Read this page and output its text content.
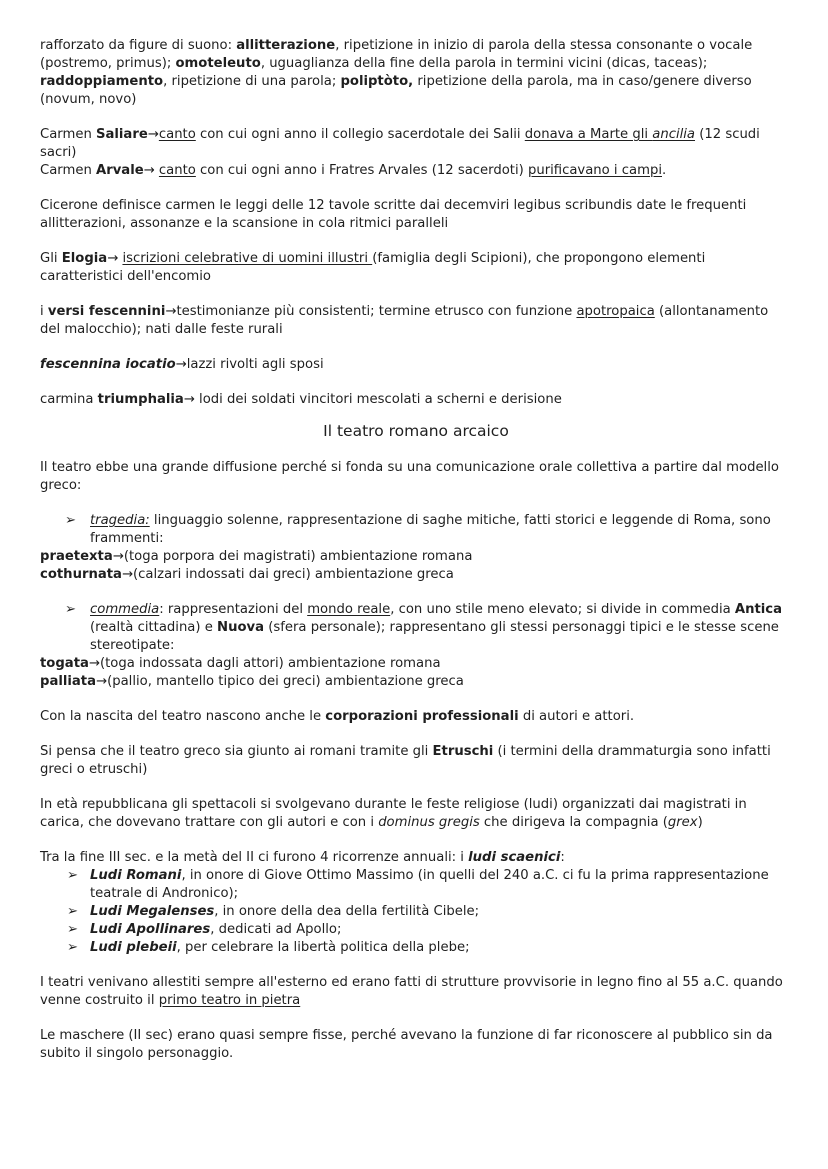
rafforzato da figure di suono: allitterazione, ripetizione in inizio di parola della stessa consonante o vocale (postremo, primus); omoteleuto, uguaglianza della fine della parola in termini vicini (dicas, taceas); raddoppiamento, ripetizione di una parola; poliptòto, ripetizione della parola, ma in caso/genere diverso (novum, novo)

Carmen Saliare→canto con cui ogni anno il collegio sacerdotale dei Salii donava a Marte gli ancilia (12 scudi sacri)

Carmen Arvale→ canto con cui ogni anno i Fratres Arvales (12 sacerdoti) purificavano i campi.

Cicerone definisce carmen le leggi delle 12 tavole scritte dai decemviri legibus scribundis date le frequenti allitterazioni, assonanze e la scansione in cola ritmici paralleli

Gli Elogia→ iscrizioni celebrative di uomini illustri (famiglia degli Scipioni), che propongono elementi caratteristici dell'encomio

i versi fescennini→testimonianze più consistenti; termine etrusco con funzione apotropaica (allontanamento del malocchio); nati dalle feste rurali

fescennina iocatio→lazzi rivolti agli sposi

carmina triumphalia→ lodi dei soldati vincitori mescolati a scherni e derisione

Il teatro romano arcaico

Il teatro ebbe una grande diffusione perché si fonda su una comunicazione orale collettiva a partire dal modello greco:

➢ tragedia: linguaggio solenne, rappresentazione di saghe mitiche, fatti storici e leggende di Roma, sono frammenti:

praetexta→(toga porpora dei magistrati) ambientazione romana

cothurnata→(calzari indossati dai greci) ambientazione greca

➢ commedia: rappresentazioni del mondo reale, con uno stile meno elevato; si divide in commedia Antica (realtà cittadina) e Nuova (sfera personale); rappresentano gli stessi personaggi tipici e le stesse scene stereotipate:

togata→(toga indossata dagli attori) ambientazione romana

palliata→(pallio, mantello tipico dei greci) ambientazione greca

Con la nascita del teatro nascono anche le corporazioni professionali di autori e attori.

Si pensa che il teatro greco sia giunto ai romani tramite gli Etruschi (i termini della drammaturgia sono infatti greci o etruschi)

In età repubblicana gli spettacoli si svolgevano durante le feste religiose (ludi) organizzati dai magistrati in carica, che dovevano trattare con gli autori e con i dominus gregis che dirigeva la compagnia (grex)

Tra la fine III sec. e la metà del II ci furono 4 ricorrenze annuali: i ludi scaenici:

➢ Ludi Romani, in onore di Giove Ottimo Massimo (in quelli del 240 a.C. ci fu la prima rappresentazione teatrale di Andronico);
➢ Ludi Megalenses, in onore della dea della fertilità Cibele;
➢ Ludi Apollinares, dedicati ad Apollo;
➢ Ludi plebeii, per celebrare la libertà politica della plebe;

I teatri venivano allestiti sempre all'esterno ed erano fatti di strutture provvisorie in legno fino al 55 a.C. quando venne costruito il primo teatro in pietra

Le maschere (II sec) erano quasi sempre fisse, perché avevano la funzione di far riconoscere al pubblico sin da subito il singolo personaggio.
